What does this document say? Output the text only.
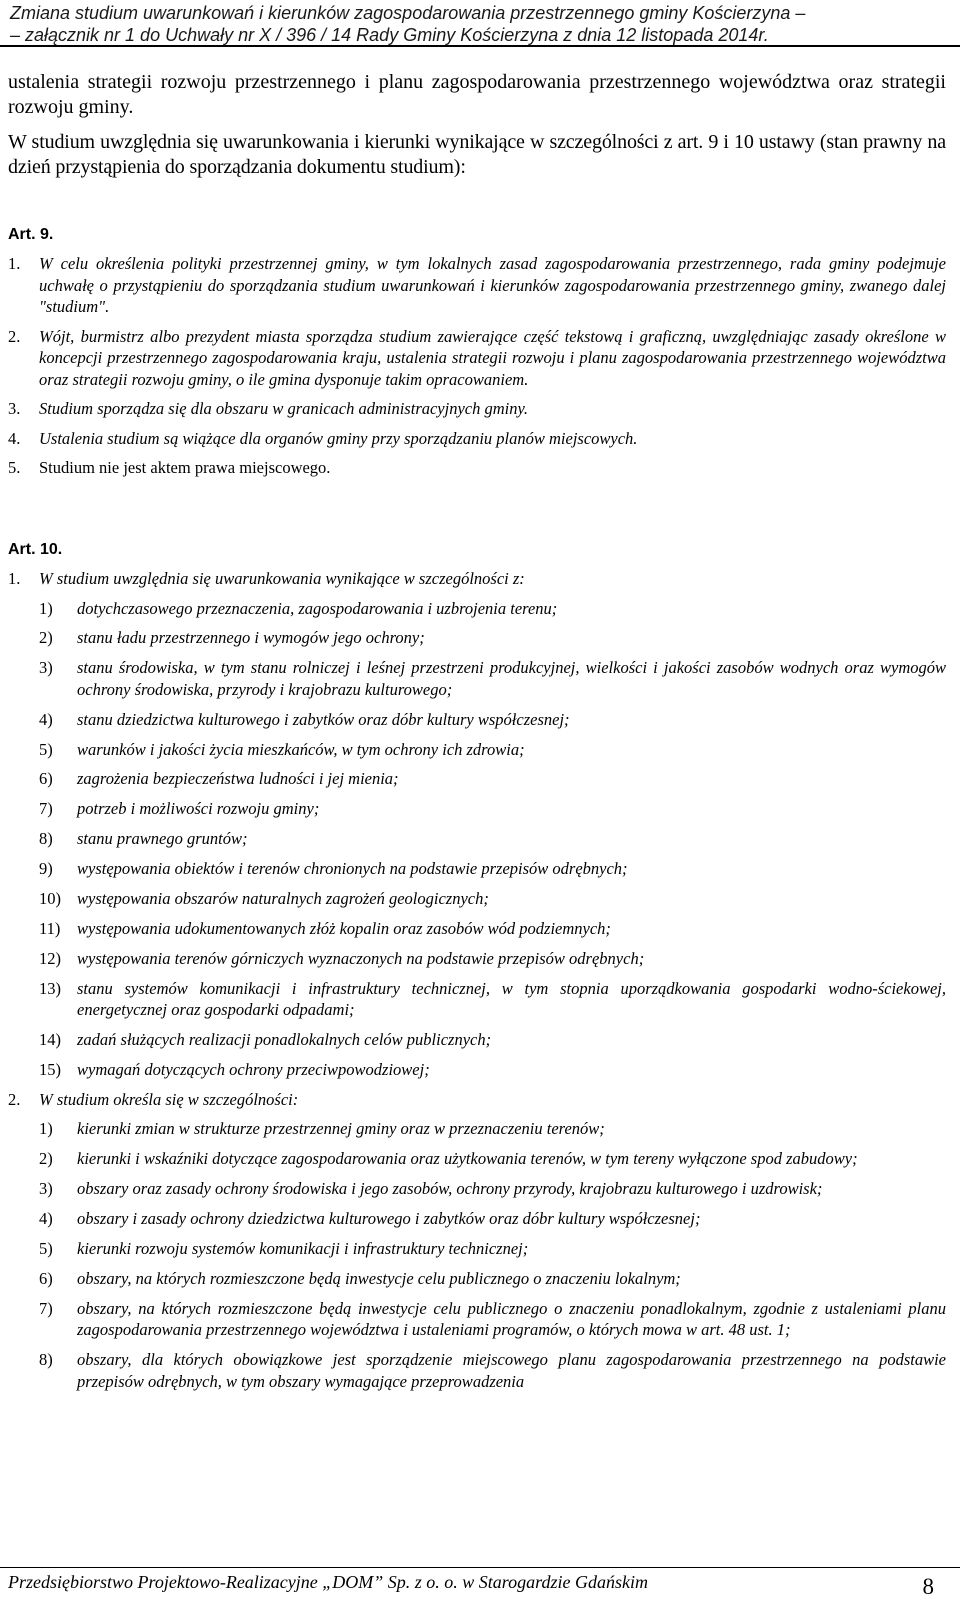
Zmiana studium uwarunkowań i kierunków zagospodarowania przestrzennego gminy Kościerzyna –
– załącznik nr 1 do Uchwały nr X / 396 / 14 Rady Gminy Kościerzyna z dnia 12 listopada 2014r.

ustalenia strategii rozwoju przestrzennego i planu zagospodarowania przestrzennego województwa oraz strategii rozwoju gminy.

W studium uwzględnia się uwarunkowania i kierunki wynikające w szczególności z art. 9 i 10 ustawy (stan prawny na dzień przystąpienia do sporządzania dokumentu studium):

Art. 9.
1. W celu określenia polityki przestrzennej gminy, w tym lokalnych zasad zagospodarowania przestrzennego, rada gminy podejmuje uchwałę o przystąpieniu do sporządzania studium uwarunkowań i kierunków zagospodarowania przestrzennego gminy, zwanego dalej "studium".
2. Wójt, burmistrz albo prezydent miasta sporządza studium zawierające część tekstową i graficzną, uwzględniając zasady określone w koncepcji przestrzennego zagospodarowania kraju, ustalenia strategii rozwoju i planu zagospodarowania przestrzennego województwa oraz strategii rozwoju gminy, o ile gmina dysponuje takim opracowaniem.
3. Studium sporządza się dla obszaru w granicach administracyjnych gminy.
4. Ustalenia studium są wiążące dla organów gminy przy sporządzaniu planów miejscowych.
5. Studium nie jest aktem prawa miejscowego.
Art. 10.
1. W studium uwzględnia się uwarunkowania wynikające w szczególności z:
1) dotychczasowego przeznaczenia, zagospodarowania i uzbrojenia terenu;
2) stanu ładu przestrzennego i wymogów jego ochrony;
3) stanu środowiska, w tym stanu rolniczej i leśnej przestrzeni produkcyjnej, wielkości i jakości zasobów wodnych oraz wymogów ochrony środowiska, przyrody i krajobrazu kulturowego;
4) stanu dziedzictwa kulturowego i zabytków oraz dóbr kultury współczesnej;
5) warunków i jakości życia mieszkańców, w tym ochrony ich zdrowia;
6) zagrożenia bezpieczeństwa ludności i jej mienia;
7) potrzeb i możliwości rozwoju gminy;
8) stanu prawnego gruntów;
9) występowania obiektów i terenów chronionych na podstawie przepisów odrębnych;
10) występowania obszarów naturalnych zagrożeń geologicznych;
11) występowania udokumentowanych złóż kopalin oraz zasobów wód podziemnych;
12) występowania terenów górniczych wyznaczonych na podstawie przepisów odrębnych;
13) stanu systemów komunikacji i infrastruktury technicznej, w tym stopnia uporządkowania gospodarki wodno-ściekowej, energetycznej oraz gospodarki odpadami;
14) zadań służących realizacji ponadlokalnych celów publicznych;
15) wymagań dotyczących ochrony przeciwpowodziowej;
2. W studium określa się w szczególności:
1) kierunki zmian w strukturze przestrzennej gminy oraz w przeznaczeniu terenów;
2) kierunki i wskaźniki dotyczące zagospodarowania oraz użytkowania terenów, w tym tereny wyłączone spod zabudowy;
3) obszary oraz zasady ochrony środowiska i jego zasobów, ochrony przyrody, krajobrazu kulturowego i uzdrowisk;
4) obszary i zasady ochrony dziedzictwa kulturowego i zabytków oraz dóbr kultury współczesnej;
5) kierunki rozwoju systemów komunikacji i infrastruktury technicznej;
6) obszary, na których rozmieszczone będą inwestycje celu publicznego o znaczeniu lokalnym;
7) obszary, na których rozmieszczone będą inwestycje celu publicznego o znaczeniu ponadlokalnym, zgodnie z ustaleniami planu zagospodarowania przestrzennego województwa i ustaleniami programów, o których mowa w art. 48 ust. 1;
8) obszary, dla których obowiązkowe jest sporządzenie miejscowego planu zagospodarowania przestrzennego na podstawie przepisów odrębnych, w tym obszary wymagające przeprowadzenia
Przedsiębiorstwo Projektowo-Realizacyjne „DOM” Sp. z o. o. w Starogardzie Gdańskim	8
